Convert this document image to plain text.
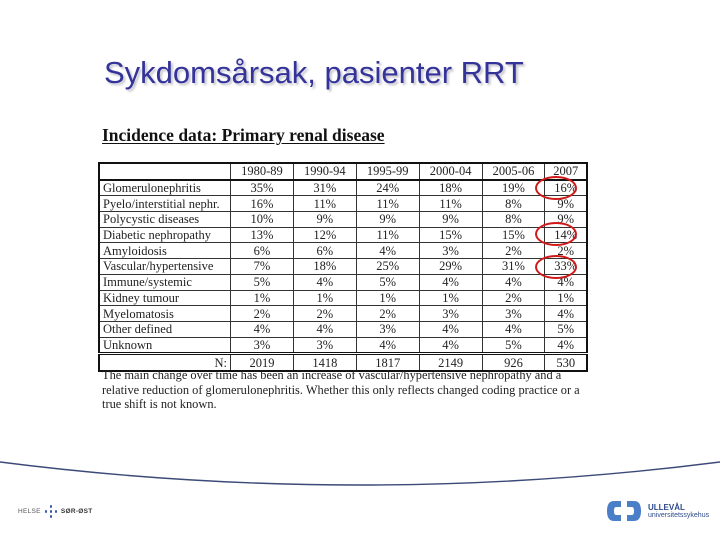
Sykdomsårsak, pasienter RRT
Incidence data: Primary renal disease
	1980-89	1990-94	1995-99	2000-04	2005-06	2007
Glomerulonephritis	35%	31%	24%	18%	19%	16%
Pyelo/interstitial nephr.	16%	11%	11%	11%	8%	9%
Polycystic diseases	10%	9%	9%	9%	8%	9%
Diabetic nephropathy	13%	12%	11%	15%	15%	14%
Amyloidosis	6%	6%	4%	3%	2%	2%
Vascular/hypertensive	7%	18%	25%	29%	31%	33%
Immune/systemic	5%	4%	5%	4%	4%	4%
Kidney tumour	1%	1%	1%	1%	2%	1%
Myelomatosis	2%	2%	2%	3%	3%	4%
Other defined	4%	4%	3%	4%	4%	5%
Unknown	3%	3%	4%	4%	5%	4%
N:	2019	1418	1817	2149	926	530
The main change over time has been an increase of vascular/hypertensive nephropathy and a relative reduction of glomerulonephritis. Whether this only reflects changed coding practice or a true shift is not known.
HELSE	SØR-ØST	ULLEVÅL
universitetssykehus
